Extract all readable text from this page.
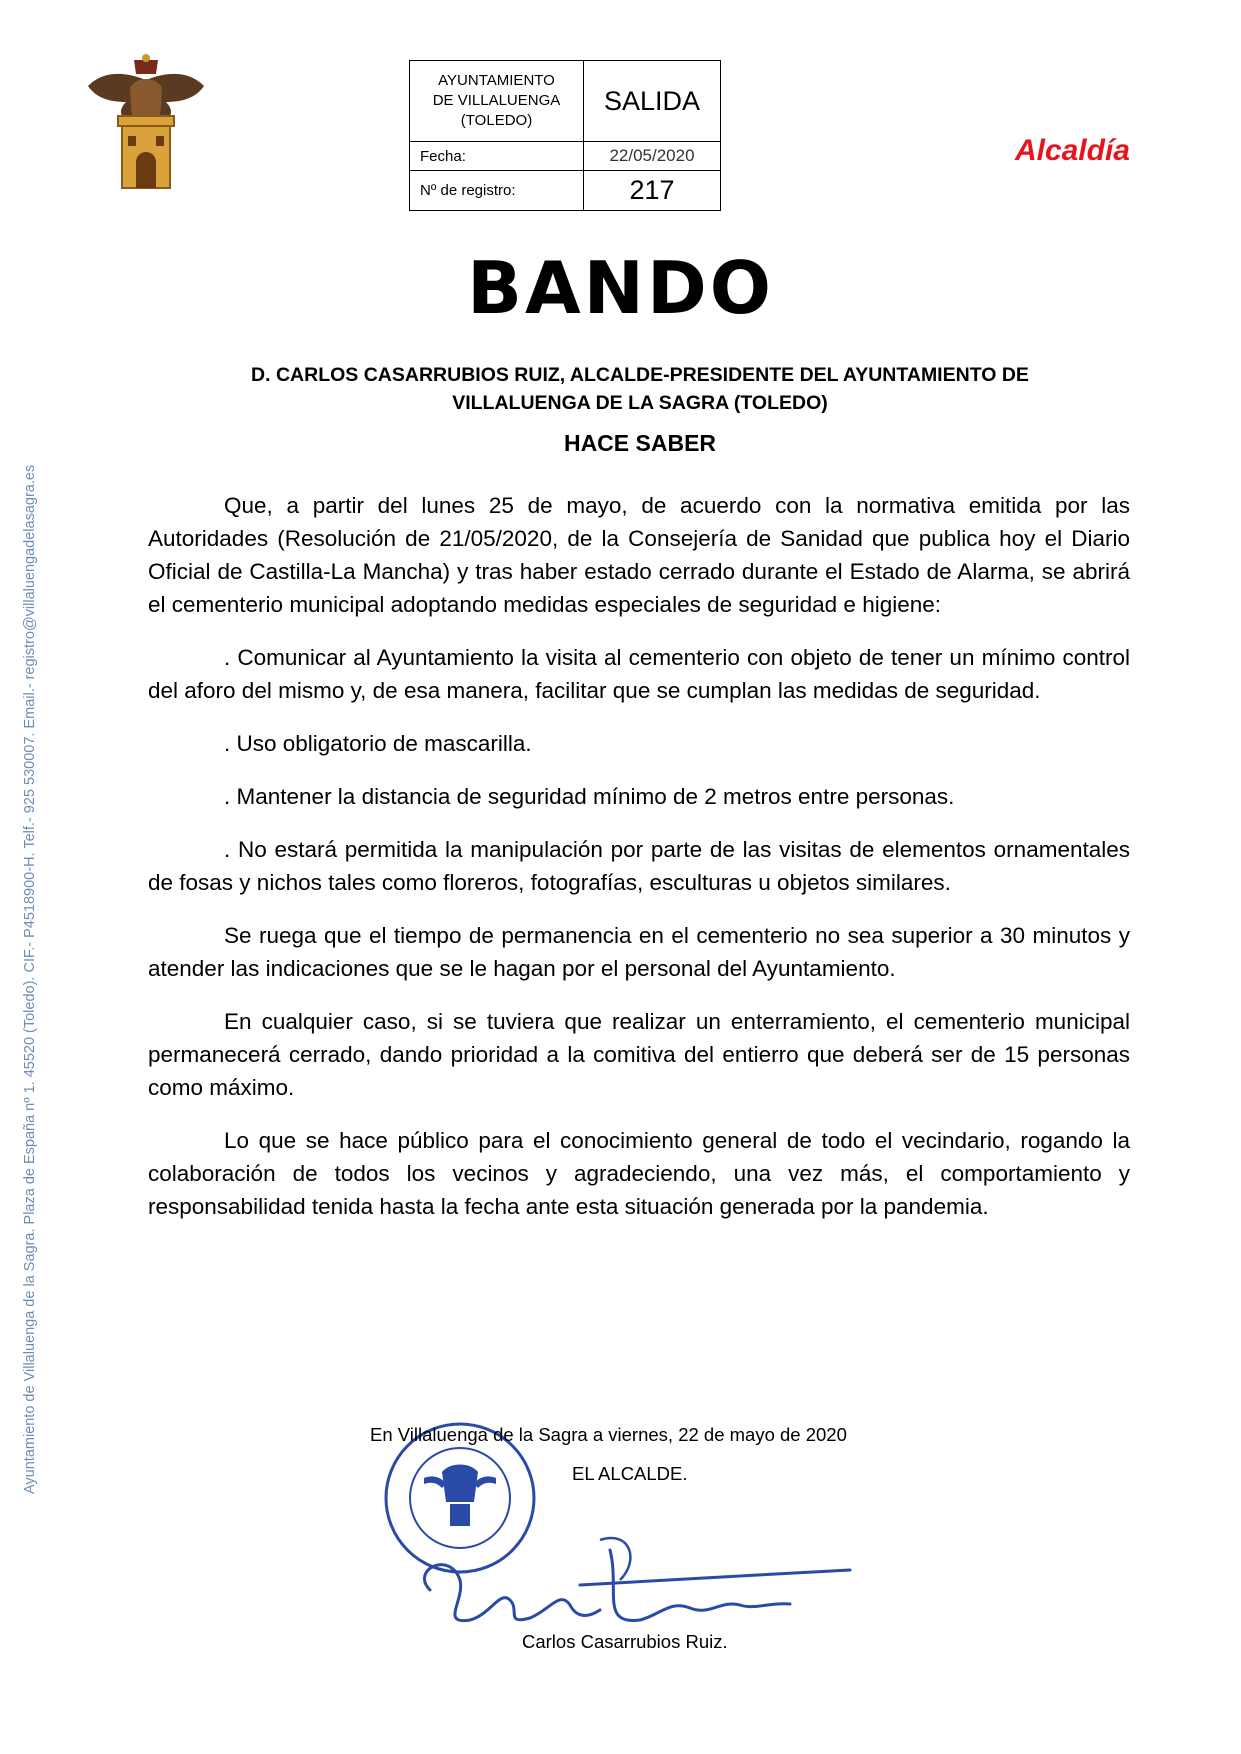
AYUNTAMIENTO
DE VILLALUENGA
(TOLEDO)	SALIDA
Fecha:	22/05/2020
Nº de registro:	217
Alcaldía
BANDO
D. CARLOS CASARRUBIOS RUIZ, ALCALDE-PRESIDENTE DEL AYUNTAMIENTO DE
VILLALUENGA DE LA SAGRA (TOLEDO)
HACE SABER

Que, a partir del lunes 25 de mayo, de acuerdo con la normativa emitida por las Autoridades (Resolución de 21/05/2020, de la Consejería de Sanidad que publica hoy el Diario Oficial de Castilla-La Mancha) y tras haber estado cerrado durante el Estado de Alarma, se abrirá el cementerio municipal adoptando medidas especiales de seguridad e higiene:

. Comunicar al Ayuntamiento la visita al cementerio con objeto de tener un mínimo control del aforo del mismo y, de esa manera, facilitar que se cumplan las medidas de seguridad.

. Uso obligatorio de mascarilla.

. Mantener la distancia de seguridad mínimo de 2 metros entre personas.

. No estará permitida la manipulación por parte de las visitas de elementos ornamentales de fosas y nichos tales como floreros, fotografías, esculturas u objetos similares.

Se ruega que el tiempo de permanencia en el cementerio no sea superior a 30 minutos y atender las indicaciones que se le hagan por el personal del Ayuntamiento.

En cualquier caso, si se tuviera que realizar un enterramiento, el cementerio municipal permanecerá cerrado, dando prioridad a la comitiva del entierro que deberá ser de 15 personas como máximo.

Lo que se hace público para el conocimiento general de todo el vecindario, rogando la colaboración de todos los vecinos y agradeciendo, una vez más, el comportamiento y responsabilidad tenida hasta la fecha ante esta situación generada por la pandemia.

Ayuntamiento de Villaluenga de la Sagra. Plaza de España nº 1. 45520 (Toledo). CIF.- P4518900-H. Telf.- 925 530007. Email.- registro@villaluengadelasagra.es	En Villaluenga de la Sagra a viernes, 22 de mayo de 2020
EL ALCALDE.
Carlos Casarrubios Ruiz.
